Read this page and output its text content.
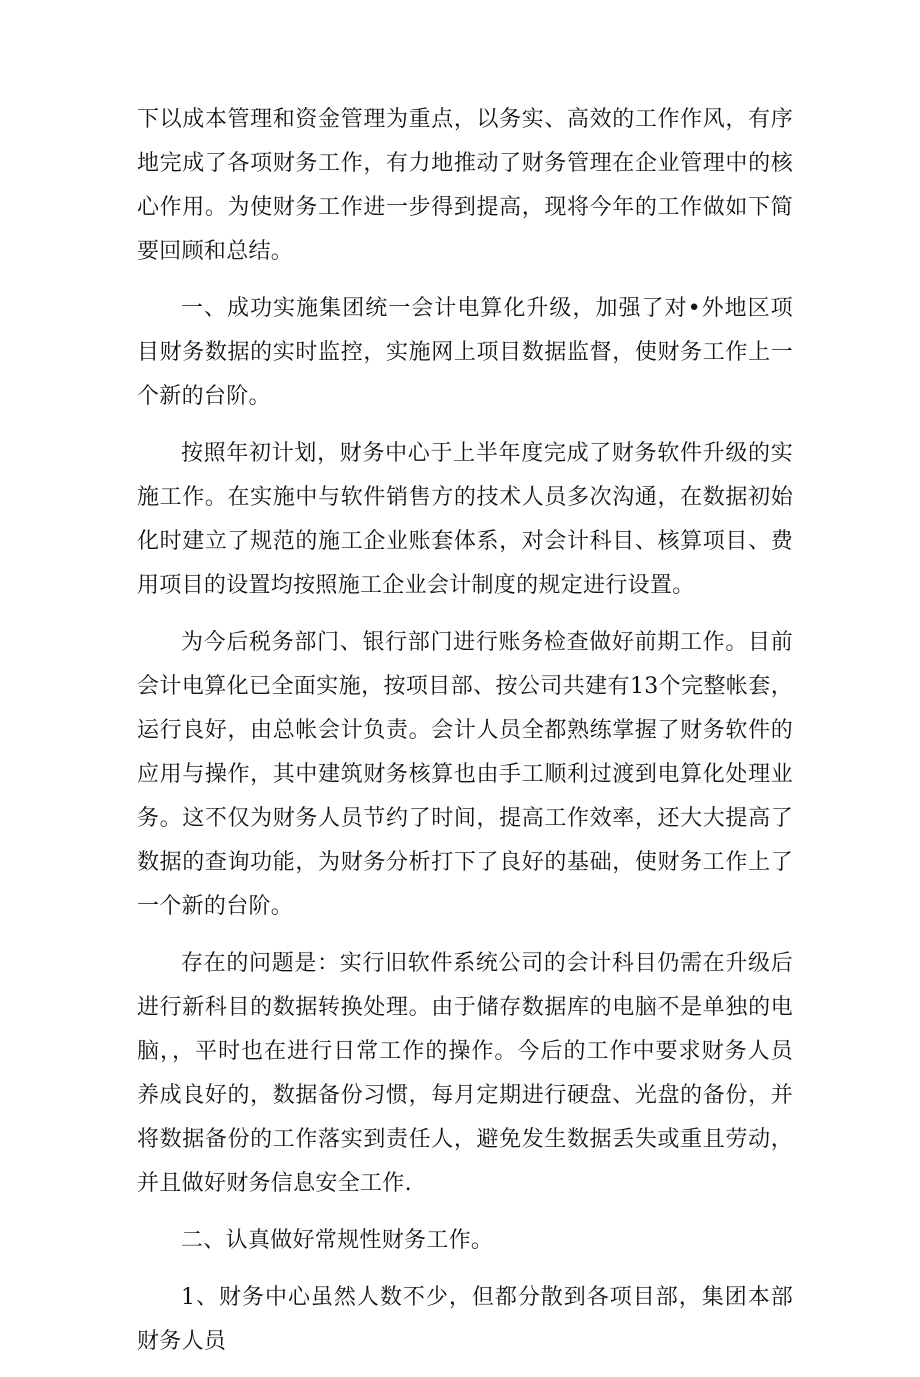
下以成本管理和资金管理为重点，以务实、高效的工作作风，有序地完成了各项财务工作，有力地推动了财务管理在企业管理中的核心作用。为使财务工作进一步得到提高，现将今年的工作做如下简要回顾和总结。

一、成功实施集团统一会计电算化升级，加强了对•外地区项目财务数据的实时监控，实施网上项目数据监督，使财务工作上一个新的台阶。

按照年初计划，财务中心于上半年度完成了财务软件升级的实施工作。在实施中与软件销售方的技术人员多次沟通，在数据初始化时建立了规范的施工企业账套体系，对会计科目、核算项目、费用项目的设置均按照施工企业会计制度的规定进行设置。

为今后税务部门、银行部门进行账务检查做好前期工作。目前会计电算化已全面实施，按项目部、按公司共建有13个完整帐套，运行良好，由总帐会计负责。会计人员全都熟练掌握了财务软件的应用与操作，其中建筑财务核算也由手工顺利过渡到电算化处理业务。这不仅为财务人员节约了时间，提高工作效率，还大大提高了数据的查询功能，为财务分析打下了良好的基础，使财务工作上了一个新的台阶。

存在的问题是：实行旧软件系统公司的会计科目仍需在升级后进行新科目的数据转换处理。由于储存数据库的电脑不是单独的电脑，，平时也在进行日常工作的操作。今后的工作中要求财务人员养成良好的，数据备份习惯，每月定期进行硬盘、光盘的备份，并将数据备份的工作落实到责任人，避免发生数据丢失或重且劳动，并且做好财务信息安全工作.

二、认真做好常规性财务工作。

1、财务中心虽然人数不少，但都分散到各项目部，集团本部财务人员
